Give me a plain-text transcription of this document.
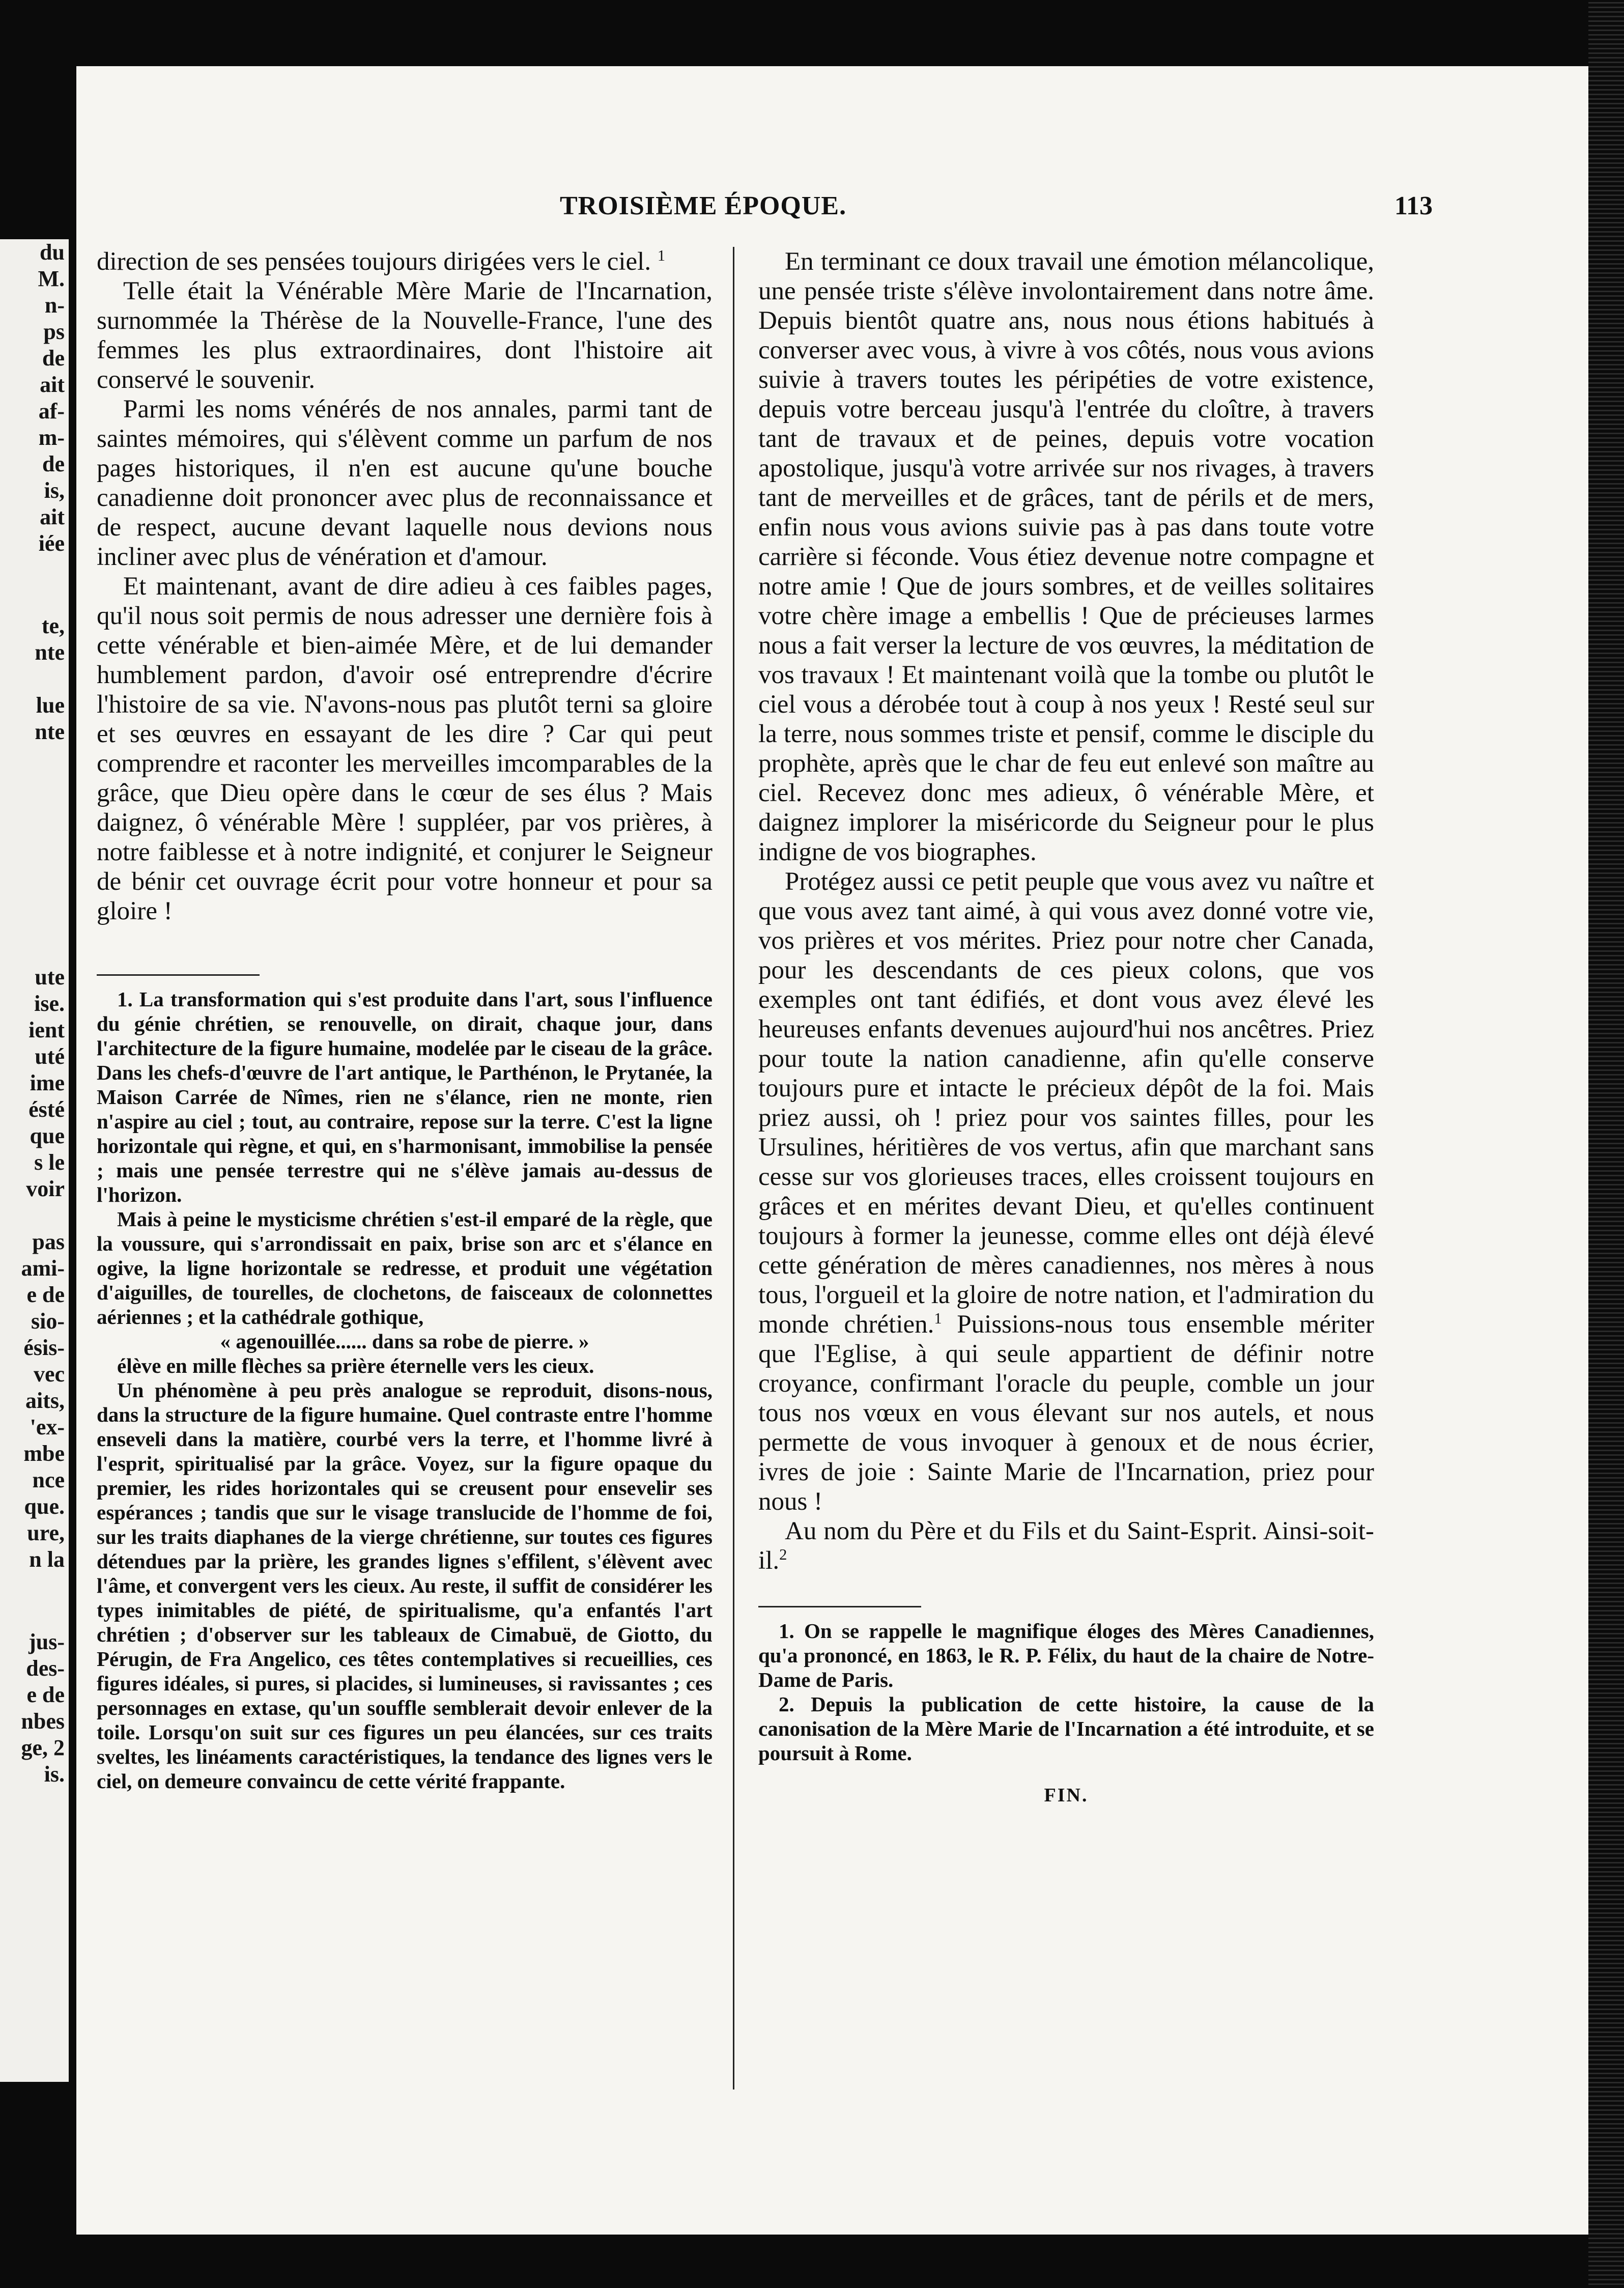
du
M.
n-
ps
de
ait
af-
m-
de
is,
ait
iée
te,
nte
lue
nte
ute
ise.
ient
uté
ime
ésté
que
s le
voir
pas
ami-
e de
sio-
ésis-
vec
aits,
'ex-
mbe
nce
que.
ure,
n la
jus-
des-
e de
nbes
ge, 2
is.
TROISIÈME ÉPOQUE.	113

direction de ses pensées toujours dirigées vers le ciel. $^1$

Telle était la Vénérable Mère Marie de l'Incarnation, surnommée la Thérèse de la Nouvelle-France, l'une des femmes les plus extraordinaires, dont l'histoire ait conservé le souvenir.

Parmi les noms vénérés de nos annales, parmi tant de saintes mémoires, qui s'élèvent comme un parfum de nos pages historiques, il n'en est aucune qu'une bouche canadienne doit prononcer avec plus de reconnaissance et de respect, aucune devant laquelle nous devions nous incliner avec plus de vénération et d'amour.

Et maintenant, avant de dire adieu à ces faibles pages, qu'il nous soit permis de nous adresser une dernière fois à cette vénérable et bien-aimée Mère, et de lui demander humblement pardon, d'avoir osé entreprendre d'écrire l'histoire de sa vie. N'avons-nous pas plutôt terni sa gloire et ses œuvres en essayant de les dire ? Car qui peut comprendre et raconter les merveilles imcomparables de la grâce, que Dieu opère dans le cœur de ses élus ? Mais daignez, ô vénérable Mère ! suppléer, par vos prières, à notre faiblesse et à notre indignité, et conjurer le Seigneur de bénir cet ouvrage écrit pour votre honneur et pour sa gloire !

1. La transformation qui s'est produite dans l'art, sous l'influence du génie chrétien, se renouvelle, on dirait, chaque jour, dans l'architecture de la figure humaine, modelée par le ciseau de la grâce. Dans les chefs-d'œuvre de l'art antique, le Parthénon, le Prytanée, la Maison Carrée de Nîmes, rien ne s'élance, rien ne monte, rien n'aspire au ciel ; tout, au contraire, repose sur la terre. C'est la ligne horizontale qui règne, et qui, en s'harmonisant, immobilise la pensée ; mais une pensée terrestre qui ne s'élève jamais au-dessus de l'horizon.

Mais à peine le mysticisme chrétien s'est-il emparé de la règle, que la voussure, qui s'arrondissait en paix, brise son arc et s'élance en ogive, la ligne horizontale se redresse, et produit une végétation d'aiguilles, de tourelles, de clochetons, de faisceaux de colonnettes aériennes ; et la cathédrale gothique,

« agenouillée...... dans sa robe de pierre. »

élève en mille flèches sa prière éternelle vers les cieux.

Un phénomène à peu près analogue se reproduit, disons-nous, dans la structure de la figure humaine. Quel contraste entre l'homme enseveli dans la matière, courbé vers la terre, et l'homme livré à l'esprit, spiritualisé par la grâce. Voyez, sur la figure opaque du premier, les rides horizontales qui se creusent pour ensevelir ses espérances ; tandis que sur le visage translucide de l'homme de foi, sur les traits diaphanes de la vierge chrétienne, sur toutes ces figures détendues par la prière, les grandes lignes s'effilent, s'élèvent avec l'âme, et convergent vers les cieux. Au reste, il suffit de considérer les types inimitables de piété, de spiritualisme, qu'a enfantés l'art chrétien ; d'observer sur les tableaux de Cimabuë, de Giotto, du Pérugin, de Fra Angelico, ces têtes contemplatives si recueillies, ces figures idéales, si pures, si placides, si lumineuses, si ravissantes ; ces personnages en extase, qu'un souffle semblerait devoir enlever de la toile. Lorsqu'on suit sur ces figures un peu élancées, sur ces traits sveltes, les linéaments caractéristiques, la tendance des lignes vers le ciel, on demeure convaincu de cette vérité frappante.

En terminant ce doux travail une émotion mélancolique, une pensée triste s'élève involontairement dans notre âme. Depuis bientôt quatre ans, nous nous étions habitués à converser avec vous, à vivre à vos côtés, nous vous avions suivie à travers toutes les péripéties de votre existence, depuis votre berceau jusqu'à l'entrée du cloître, à travers tant de travaux et de peines, depuis votre vocation apostolique, jusqu'à votre arrivée sur nos rivages, à travers tant de merveilles et de grâces, tant de périls et de mers, enfin nous vous avions suivie pas à pas dans toute votre carrière si féconde. Vous étiez devenue notre compagne et notre amie ! Que de jours sombres, et de veilles solitaires votre chère image a embellis ! Que de précieuses larmes nous a fait verser la lecture de vos œuvres, la méditation de vos travaux ! Et maintenant voilà que la tombe ou plutôt le ciel vous a dérobée tout à coup à nos yeux ! Resté seul sur la terre, nous sommes triste et pensif, comme le disciple du prophète, après que le char de feu eut enlevé son maître au ciel. Recevez donc mes adieux, ô vénérable Mère, et daignez implorer la miséricorde du Seigneur pour le plus indigne de vos biographes.

Protégez aussi ce petit peuple que vous avez vu naître et que vous avez tant aimé, à qui vous avez donné votre vie, vos prières et vos mérites. Priez pour notre cher Canada, pour les descendants de ces pieux colons, que vos exemples ont tant édifiés, et dont vous avez élevé les heureuses enfants devenues aujourd'hui nos ancêtres. Priez pour toute la nation canadienne, afin qu'elle conserve toujours pure et intacte le précieux dépôt de la foi. Mais priez aussi, oh ! priez pour vos saintes filles, pour les Ursulines, héritières de vos vertus, afin que marchant sans cesse sur vos glorieuses traces, elles croissent toujours en grâces et en mérites devant Dieu, et qu'elles continuent toujours à former la jeunesse, comme elles ont déjà élevé cette génération de mères canadiennes, nos mères à nous tous, l'orgueil et la gloire de notre nation, et l'admiration du monde chrétien.$^1$ Puissions-nous tous ensemble mériter que l'Eglise, à qui seule appartient de définir notre croyance, confirmant l'oracle du peuple, comble un jour tous nos vœux en vous élevant sur nos autels, et nous permette de vous invoquer à genoux et de nous écrier, ivres de joie : Sainte Marie de l'Incarnation, priez pour nous !

Au nom du Père et du Fils et du Saint-Esprit. Ainsi-soit-il.$^2$

1. On se rappelle le magnifique éloges des Mères Canadiennes, qu'a prononcé, en 1863, le R. P. Félix, du haut de la chaire de Notre-Dame de Paris.

2. Depuis la publication de cette histoire, la cause de la canonisation de la Mère Marie de l'Incarnation a été introduite, et se poursuit à Rome.

FIN.
